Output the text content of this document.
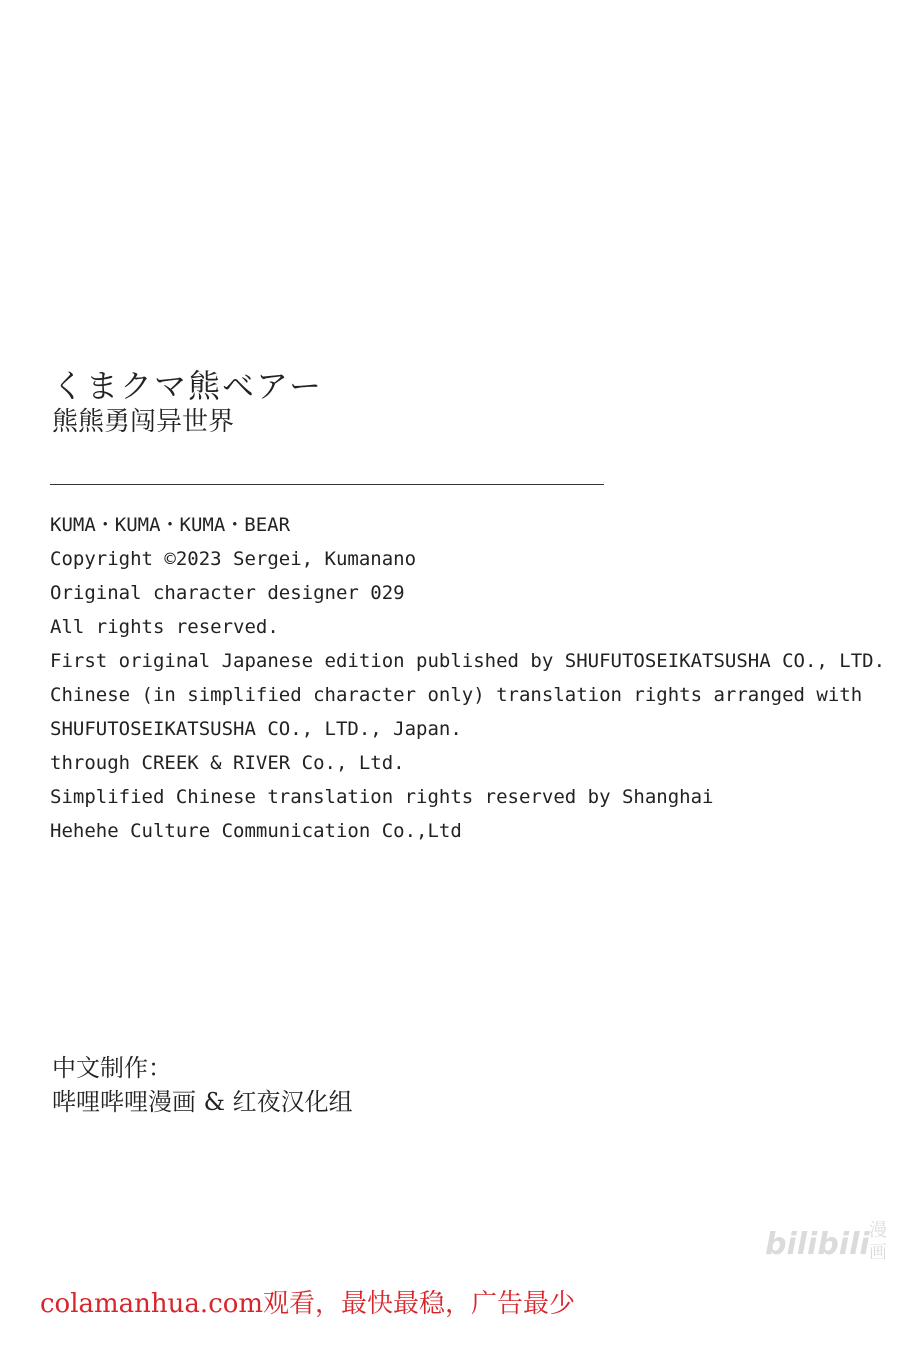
くまクマ熊ベアー
熊熊勇闯异世界
KUMA・KUMA・KUMA・BEAR
Copyright ©2023 Sergei, Kumanano
Original character designer 029
All rights reserved.
First original Japanese edition published by SHUFUTOSEIKATSUSHA CO., LTD.
Chinese (in simplified character only) translation rights arranged with
SHUFUTOSEIKATSUSHA CO., LTD., Japan.
through CREEK & RIVER Co., Ltd.
Simplified Chinese translation rights reserved by Shanghai
Hehehe Culture Communication Co.,Ltd
中文制作：
哔哩哔哩漫画 & 红夜汉化组
bilibili 漫
画
colamanhua.com观看，最快最稳，广告最少
